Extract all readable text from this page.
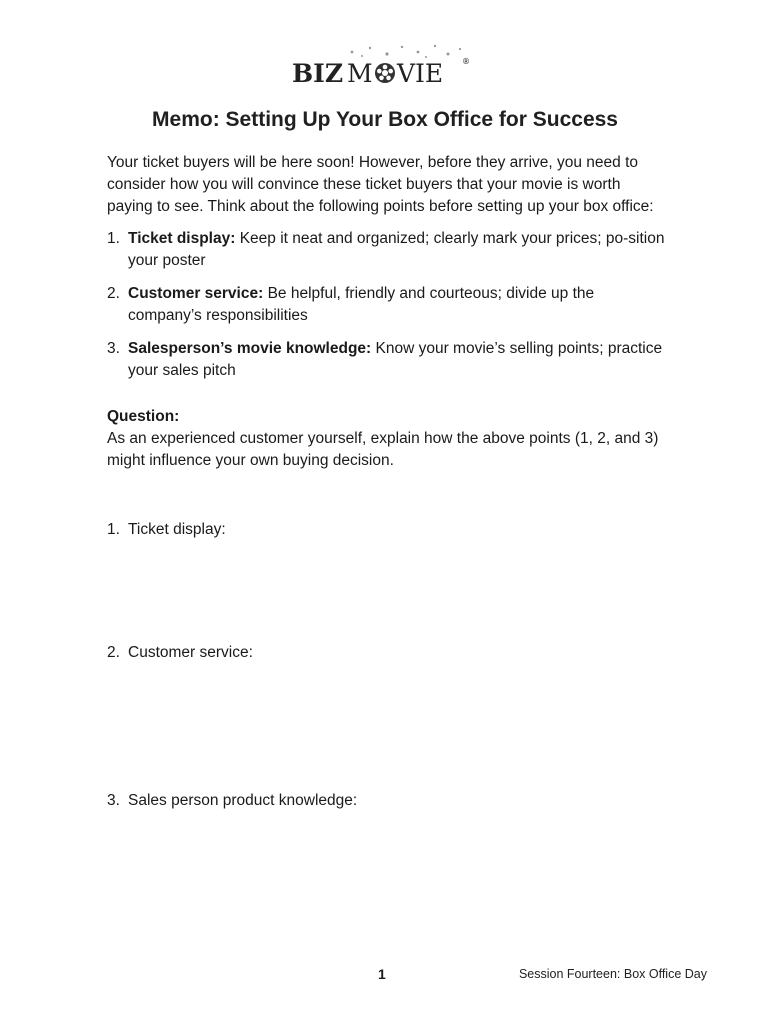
BIZ M VIE ®
Memo: Setting Up Your Box Office for Success

Your ticket buyers will be here soon! However, before they arrive, you need to consider how you will convince these ticket buyers that your movie is worth paying to see. Think about the following points before setting up your box office:

1. Ticket display: Keep it neat and organized; clearly mark your prices; po-sition your poster
2. Customer service: Be helpful, friendly and courteous; divide up the company’s responsibilities
3. Salesperson’s movie knowledge: Know your movie’s selling points; practice your sales pitch

Question:

As an experienced customer yourself, explain how the above points (1, 2, and 3) might influence your own buying decision.

1. Ticket display:
2. Customer service:
3. Sales person product knowledge:
1	Session Fourteen: Box Office Day
